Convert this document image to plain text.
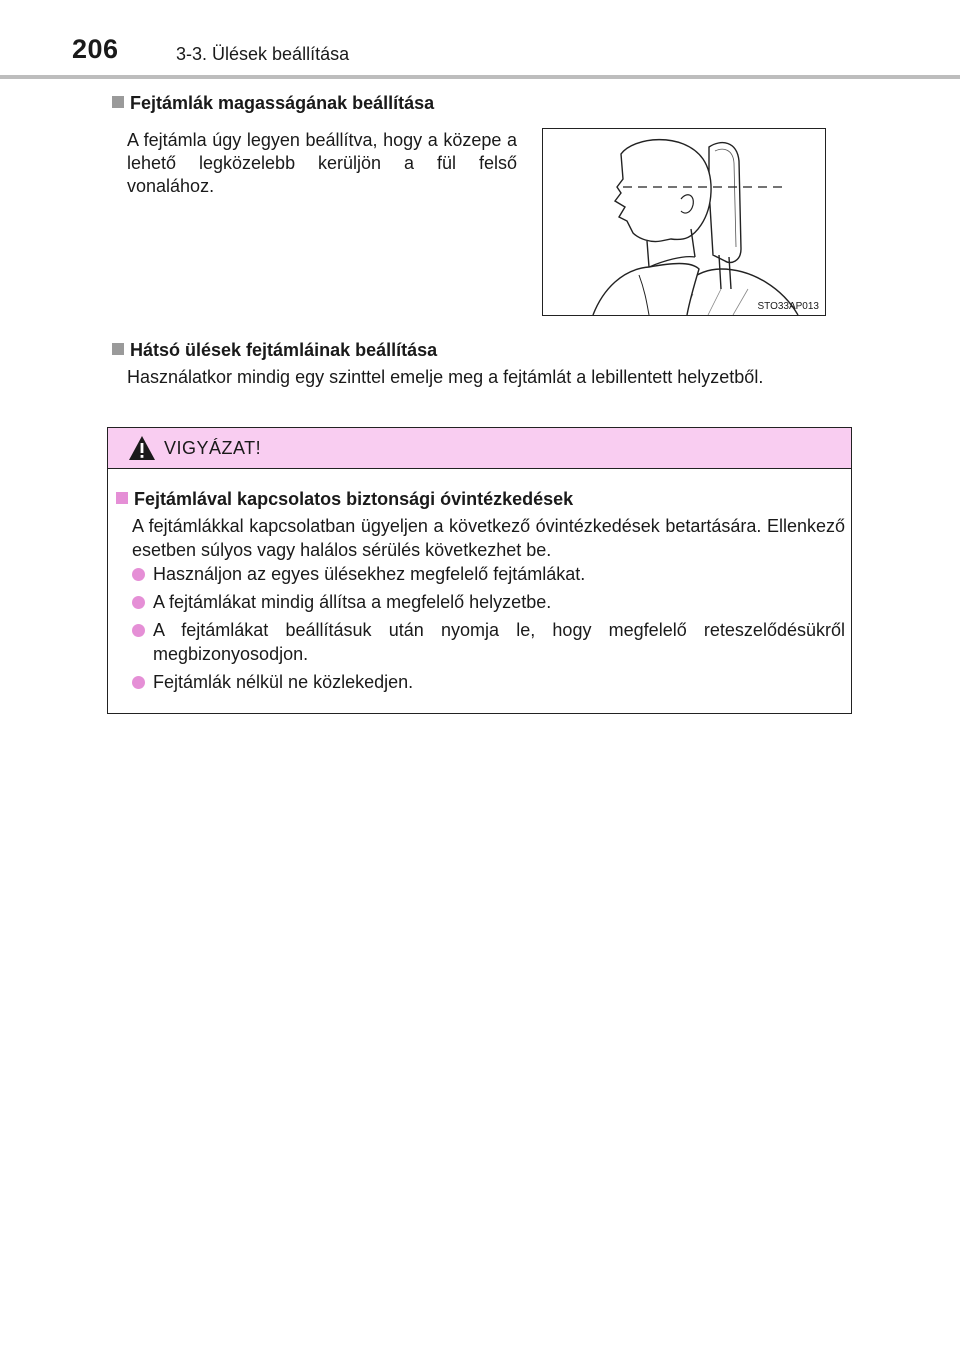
206	3-3. Ülések beállítása
Fejtámlák magasságának beállítása
A fejtámla úgy legyen beállítva, hogy a közepe a lehető legközelebb kerüljön a fül felső vonalához.
STO33AP013
Hátsó ülések fejtámláinak beállítása
Használatkor mindig egy szinttel emelje meg a fejtámlát a lebillentett helyzetből.
VIGYÁZAT!
Fejtámlával kapcsolatos biztonsági óvintézkedések
A fejtámlákkal kapcsolatban ügyeljen a következő óvintézkedések betartására. Ellenkező esetben súlyos vagy halálos sérülés következhet be.
Használjon az egyes ülésekhez megfelelő fejtámlákat.
A fejtámlákat mindig állítsa a megfelelő helyzetbe.
A fejtámlákat beállításuk után nyomja le, hogy megfelelő reteszelődésükről megbizonyosodjon.
Fejtámlák nélkül ne közlekedjen.
